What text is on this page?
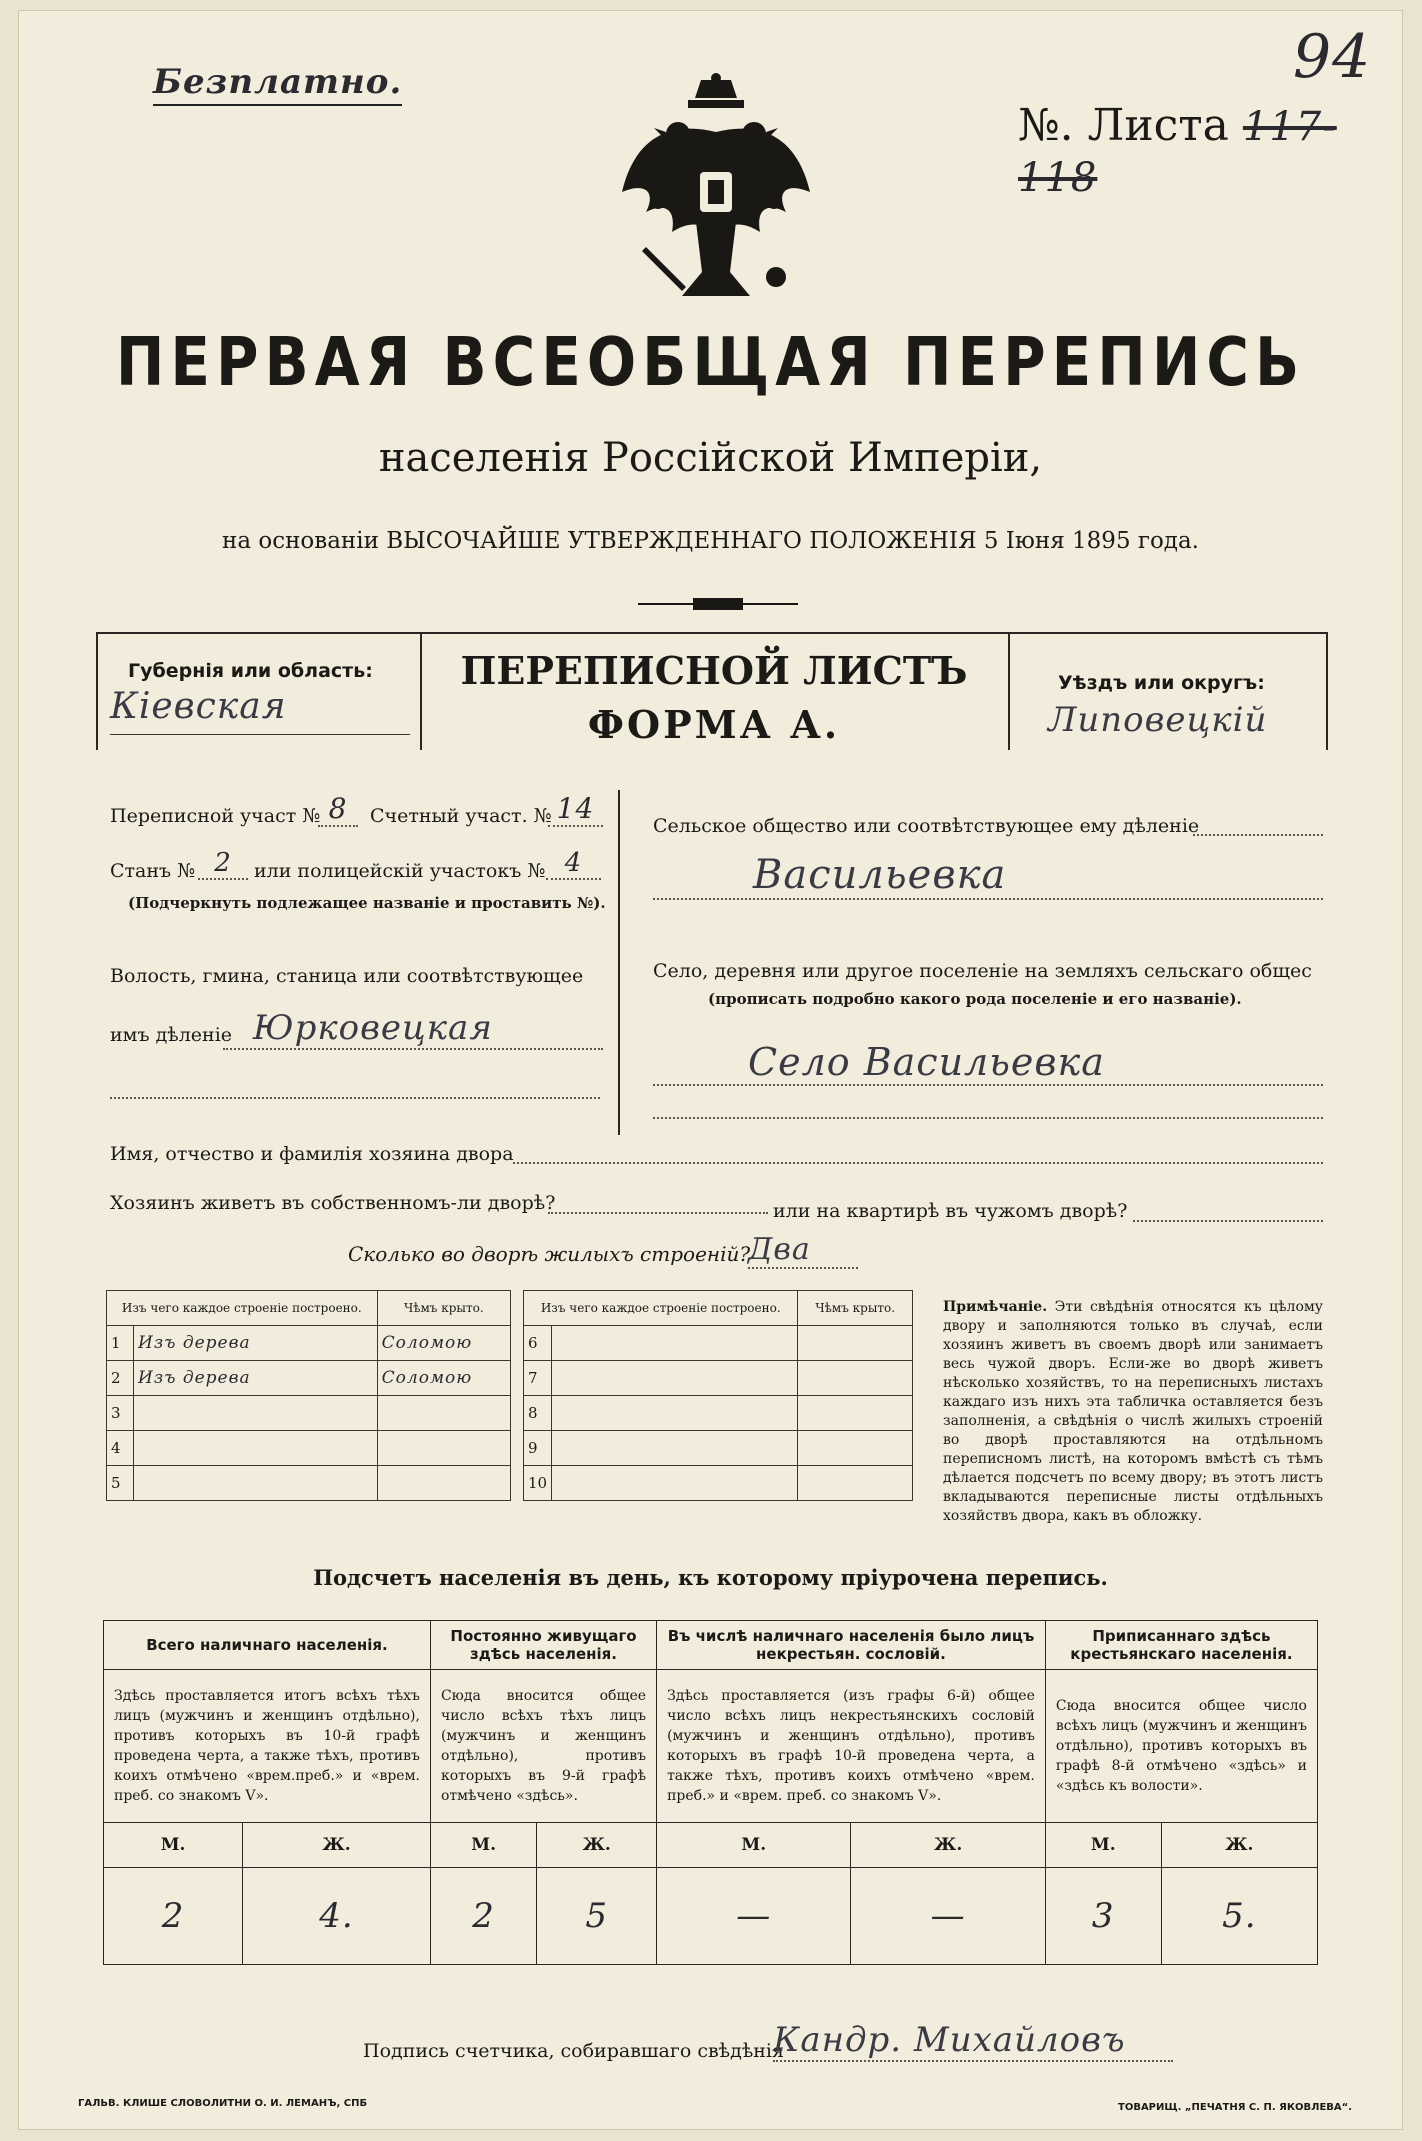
Безплатно.
№. Листа 117-118
94
ПЕРВАЯ ВСЕОБЩАЯ ПЕРЕПИСЬ
населенія Россійской Имперіи,
на основаніи ВЫСОЧАЙШЕ УТВЕРЖДЕННАГО ПОЛОЖЕНІЯ 5 Іюня 1895 года.
Губернія или область:
Кіевская
ПЕРЕПИСНОЙ ЛИСТЪ
ФОРМА А.
Уѣздъ или округъ:
Липовецкій
Переписной участ № 8	Счетный участ. № 14
Станъ № 2	или полицейскій участокъ № 4
(Подчеркнуть подлежащее названіе и проставить №).
Волость, гмина, станица или соотвѣтствующее
имъ дѣленіе Юрковецкая
Сельское общество или соотвѣтствующее ему дѣленіе
Васильевка
Село, деревня или другое поселеніе на земляхъ сельскаго общес
(прописать подробно какого рода поселеніе и его названіе).
Село Васильевка
Имя, отчество и фамилія хозяина двора
Хозяинъ живетъ въ собственномъ-ли дворѣ?	или на квартирѣ въ чужомъ дворѣ?
Сколько во дворѣ жилыхъ строеній?
Два
Изъ чего каждое строеніе построено.		Чѣмъ крыто.
1	Изъ дерева	Соломою
2	Изъ дерева	Соломою
3		
4		
5		
Изъ чего каждое строеніе построено.		Чѣмъ крыто.
6		
7		
8		
9		
10		
Примѣчаніе. Эти свѣдѣнія относятся къ цѣлому двору и заполняются только въ случаѣ, если хозяинъ живетъ въ своемъ дворѣ или занимаетъ весь чужой дворъ. Если-же во дворѣ живетъ нѣсколько хозяйствъ, то на переписныхъ листахъ каждаго изъ нихъ эта табличка оставляется безъ заполненія, а свѣдѣнія о числѣ жилыхъ строеній во дворѣ проставляются на отдѣльномъ переписномъ листѣ, на которомъ вмѣстѣ съ тѣмъ дѣлается подсчетъ по всему двору; въ этотъ листъ вкладываются переписные листы отдѣльныхъ хозяйствъ двора, какъ въ обложку.
Подсчетъ населенія въ день, къ которому пріурочена перепись.
Всего наличнаго населенія.		Постоянно живущаго здѣсь населенія.		Въ числѣ наличнаго населенія было лицъ некрестьян. сословій.		Приписаннаго здѣсь крестьянскаго населенія.	
Здѣсь проставляется итогъ всѣхъ тѣхъ лицъ (мужчинъ и женщинъ отдѣльно), противъ которыхъ въ 10-й графѣ проведена черта, а также тѣхъ, противъ коихъ отмѣчено «врем.преб.» и «врем. преб. со знакомъ V».		Сюда вносится общее число всѣхъ тѣхъ лицъ (мужчинъ и женщинъ отдѣльно), противъ которыхъ въ 9-й графѣ отмѣчено «здѣсь».		Здѣсь проставляется (изъ графы 6-й) общее число всѣхъ лицъ некрестьянскихъ сословій (мужчинъ и женщинъ отдѣльно), противъ которыхъ въ графѣ 10-й проведена черта, а также тѣхъ, противъ коихъ отмѣчено «врем. преб.» и «врем. преб. со знакомъ V».		Сюда вносится общее число всѣхъ лицъ (мужчинъ и женщинъ отдѣльно), противъ которыхъ въ графѣ 8-й отмѣчено «здѣсь» и «здѣсь къ волости».	
М.	Ж.	М.	Ж.	М.	Ж.	М.	Ж.
2	4.	2	5	—	—	3	5.
Подпись счетчика, собиравшаго свѣдѣнія
Кандр. Михайловъ
ГАЛЬВ. КЛИШЕ СЛОВОЛИТНИ О. И. ЛЕМАНЪ, СПБ	ТОВАРИЩ. „ПЕЧАТНЯ С. П. ЯКОВЛЕВА“.
